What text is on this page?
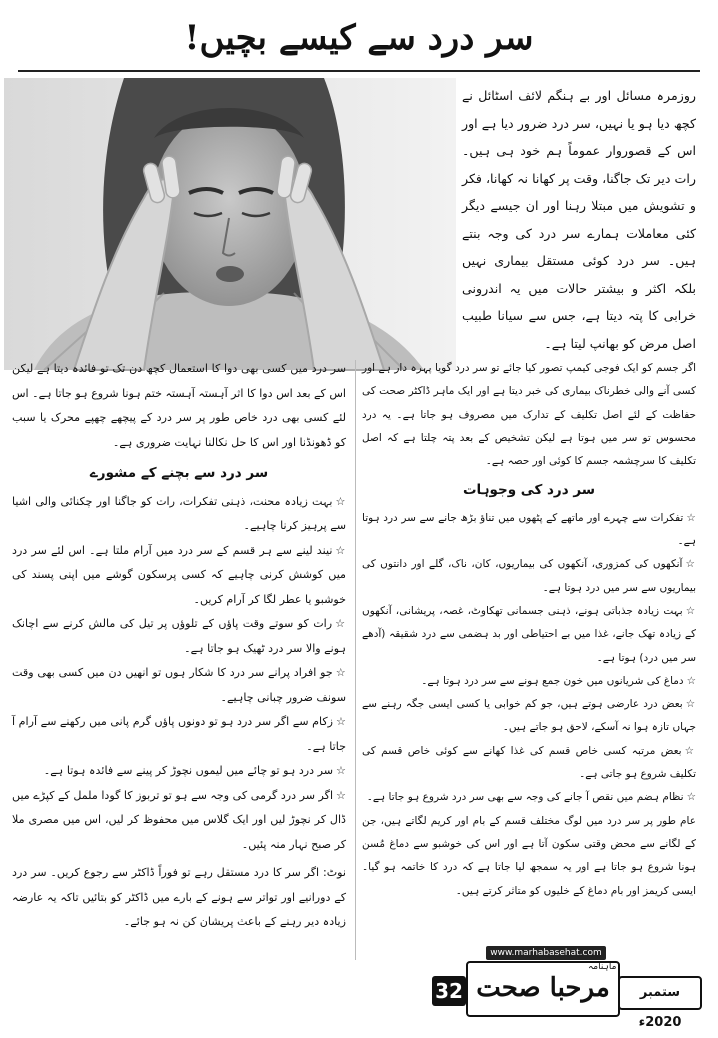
سر درد سے کیسے بچیں!

روزمرہ مسائل اور بے ہنگم لائف اسٹائل نے کچھ دیا ہو یا نہیں، سر درد ضرور دیا ہے اور اس کے قصوروار عموماً ہم خود ہی ہیں۔ رات دیر تک جاگنا، وقت پر کھانا نہ کھانا، فکر و تشویش میں مبتلا رہنا اور ان جیسے دیگر کئی معاملات ہمارے سر درد کی وجہ بنتے ہیں۔ سر درد کوئی مستقل بیماری نہیں بلکہ اکثر و بیشتر حالات میں یہ اندرونی خرابی کا پتہ دیتا ہے، جس سے سیانا طبیب اصل مرض کو بھانپ لیتا ہے۔

اگر جسم کو ایک فوجی کیمپ تصور کیا جائے تو سر درد گویا پہرہ دار ہے اور کسی آنے والی خطرناک بیماری کی خبر دیتا ہے اور ایک ماہر ڈاکٹر صحت کی حفاظت کے لئے اصل تکلیف کے تدارک میں مصروف ہو جاتا ہے۔ یہ درد محسوس تو سر میں ہوتا ہے لیکن تشخیص کے بعد پتہ چلتا ہے کہ اصل تکلیف کا سرچشمہ جسم کا کوئی اور حصہ ہے۔

سر درد کی وجوہات

☆تفکرات سے چہرے اور ماتھے کے پٹھوں میں تناؤ بڑھ جانے سے سر درد ہوتا ہے۔

☆آنکھوں کی کمزوری، آنکھوں کی بیماریوں، کان، ناک، گلے اور دانتوں کی بیماریوں سے سر میں درد ہوتا ہے۔

☆بہت زیادہ جذباتی ہونے، ذہنی جسمانی تھکاوٹ، غصہ، پریشانی، آنکھوں کے زیادہ تھک جانے، غذا میں بے احتیاطی اور بد ہضمی سے درد شقیقہ (آدھے سر میں درد) ہوتا ہے۔

☆دماغ کی شریانوں میں خون جمع ہونے سے سر درد ہوتا ہے۔

☆بعض درد عارضی ہوتے ہیں، جو کم خوابی یا کسی ایسی جگہ رہنے سے جہاں تازہ ہوا نہ آسکے، لاحق ہو جاتے ہیں۔

☆بعض مرتبہ کسی خاص قسم کی غذا کھانے سے کوئی خاص قسم کی تکلیف شروع ہو جاتی ہے۔

☆نظام ہضم میں نقص آ جانے کی وجہ سے بھی سر درد شروع ہو جاتا ہے۔

عام طور پر سر درد میں لوگ مختلف قسم کے بام اور کریم لگاتے ہیں، جن کے لگانے سے محض وقتی سکون آتا ہے اور اس کی خوشبو سے دماغ مُسن ہونا شروع ہو جاتا ہے اور یہ سمجھ لیا جاتا ہے کہ درد کا خاتمہ ہو گیا۔ ایسی کریمز اور بام دماغ کے خلیوں کو متاثر کرتے ہیں۔

سر درد میں کسی بھی دوا کا استعمال کچھ دن تک تو فائدہ دیتا ہے لیکن اس کے بعد اس دوا کا اثر آہستہ آہستہ ختم ہونا شروع ہو جاتا ہے۔ اس لئے کسی بھی درد خاص طور پر سر درد کے پیچھے چھپے محرک یا سبب کو ڈھونڈنا اور اس کا حل نکالنا نہایت ضروری ہے۔

سر درد سے بچنے کے مشورے

☆بہت زیادہ محنت، ذہنی تفکرات، رات کو جاگنا اور چکنائی والی اشیا سے پرہیز کرنا چاہیے۔

☆نیند لینے سے ہر قسم کے سر درد میں آرام ملتا ہے۔ اس لئے سر درد میں کوشش کرنی چاہیے کہ کسی پرسکون گوشے میں اپنی پسند کی خوشبو یا عطر لگا کر آرام کریں۔

☆رات کو سوتے وقت پاؤں کے تلوؤں پر تیل کی مالش کرنے سے اچانک ہونے والا سر درد ٹھیک ہو جاتا ہے۔

☆جو افراد پرانے سر درد کا شکار ہوں تو انھیں دن میں کسی بھی وقت سونف ضرور چبانی چاہیے۔

☆زکام سے اگر سر درد ہو تو دونوں پاؤں گرم پانی میں رکھنے سے آرام آ جاتا ہے۔

☆سر درد ہو تو چائے میں لیموں نچوڑ کر پینے سے فائدہ ہوتا ہے۔

☆اگر سر درد گرمی کی وجہ سے ہو تو تربوز کا گودا ململ کے کپڑے میں ڈال کر نچوڑ لیں اور ایک گلاس میں محفوظ کر لیں، اس میں مصری ملا کر صبح نہار منہ پئیں۔

نوٹ: اگر سر کا درد مستقل رہے تو فوراً ڈاکٹر سے رجوع کریں۔ سر درد کے دورانیے اور تواتر سے ہونے کے بارے میں ڈاکٹر کو بتائیں تاکہ یہ عارضہ زیادہ دیر رہنے کے باعث پریشان کن نہ ہو جائے۔

www.marhabasehat.com
مرحبا صحت
ماہنامہ
32	ستمبر 2020ء
